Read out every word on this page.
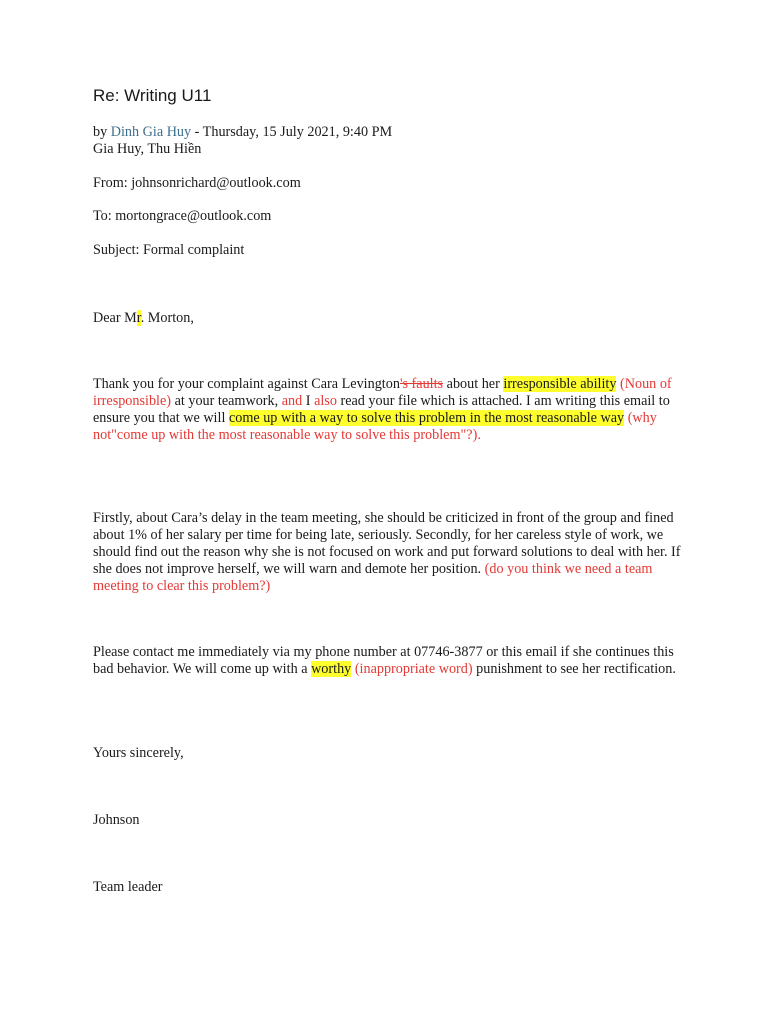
Re: Writing U11
by Dinh Gia Huy - Thursday, 15 July 2021, 9:40 PM
Gia Huy, Thu Hiền
From: johnsonrichard@outlook.com
To: mortongrace@outlook.com
Subject: Formal complaint
Dear Mr. Morton,

Thank you for your complaint against Cara Levington's faults about her irresponsible ability (Noun of irresponsible) at your teamwork, and I also read your file which is attached. I am writing this email to ensure you that we will come up with a way to solve this problem in the most reasonable way (why not"come up with the most reasonable way to solve this problem"?).

Firstly, about Cara’s delay in the team meeting, she should be criticized in front of the group and fined about 1% of her salary per time for being late, seriously. Secondly, for her careless style of work, we should find out the reason why she is not focused on work and put forward solutions to deal with her. If she does not improve herself, we will warn and demote her position. (do you think we need a team meeting to clear this problem?)

Please contact me immediately via my phone number at 07746-3877 or this email if she continues this bad behavior. We will come up with a worthy (inappropriate word) punishment to see her rectification.

Yours sincerely,
Johnson
Team leader
